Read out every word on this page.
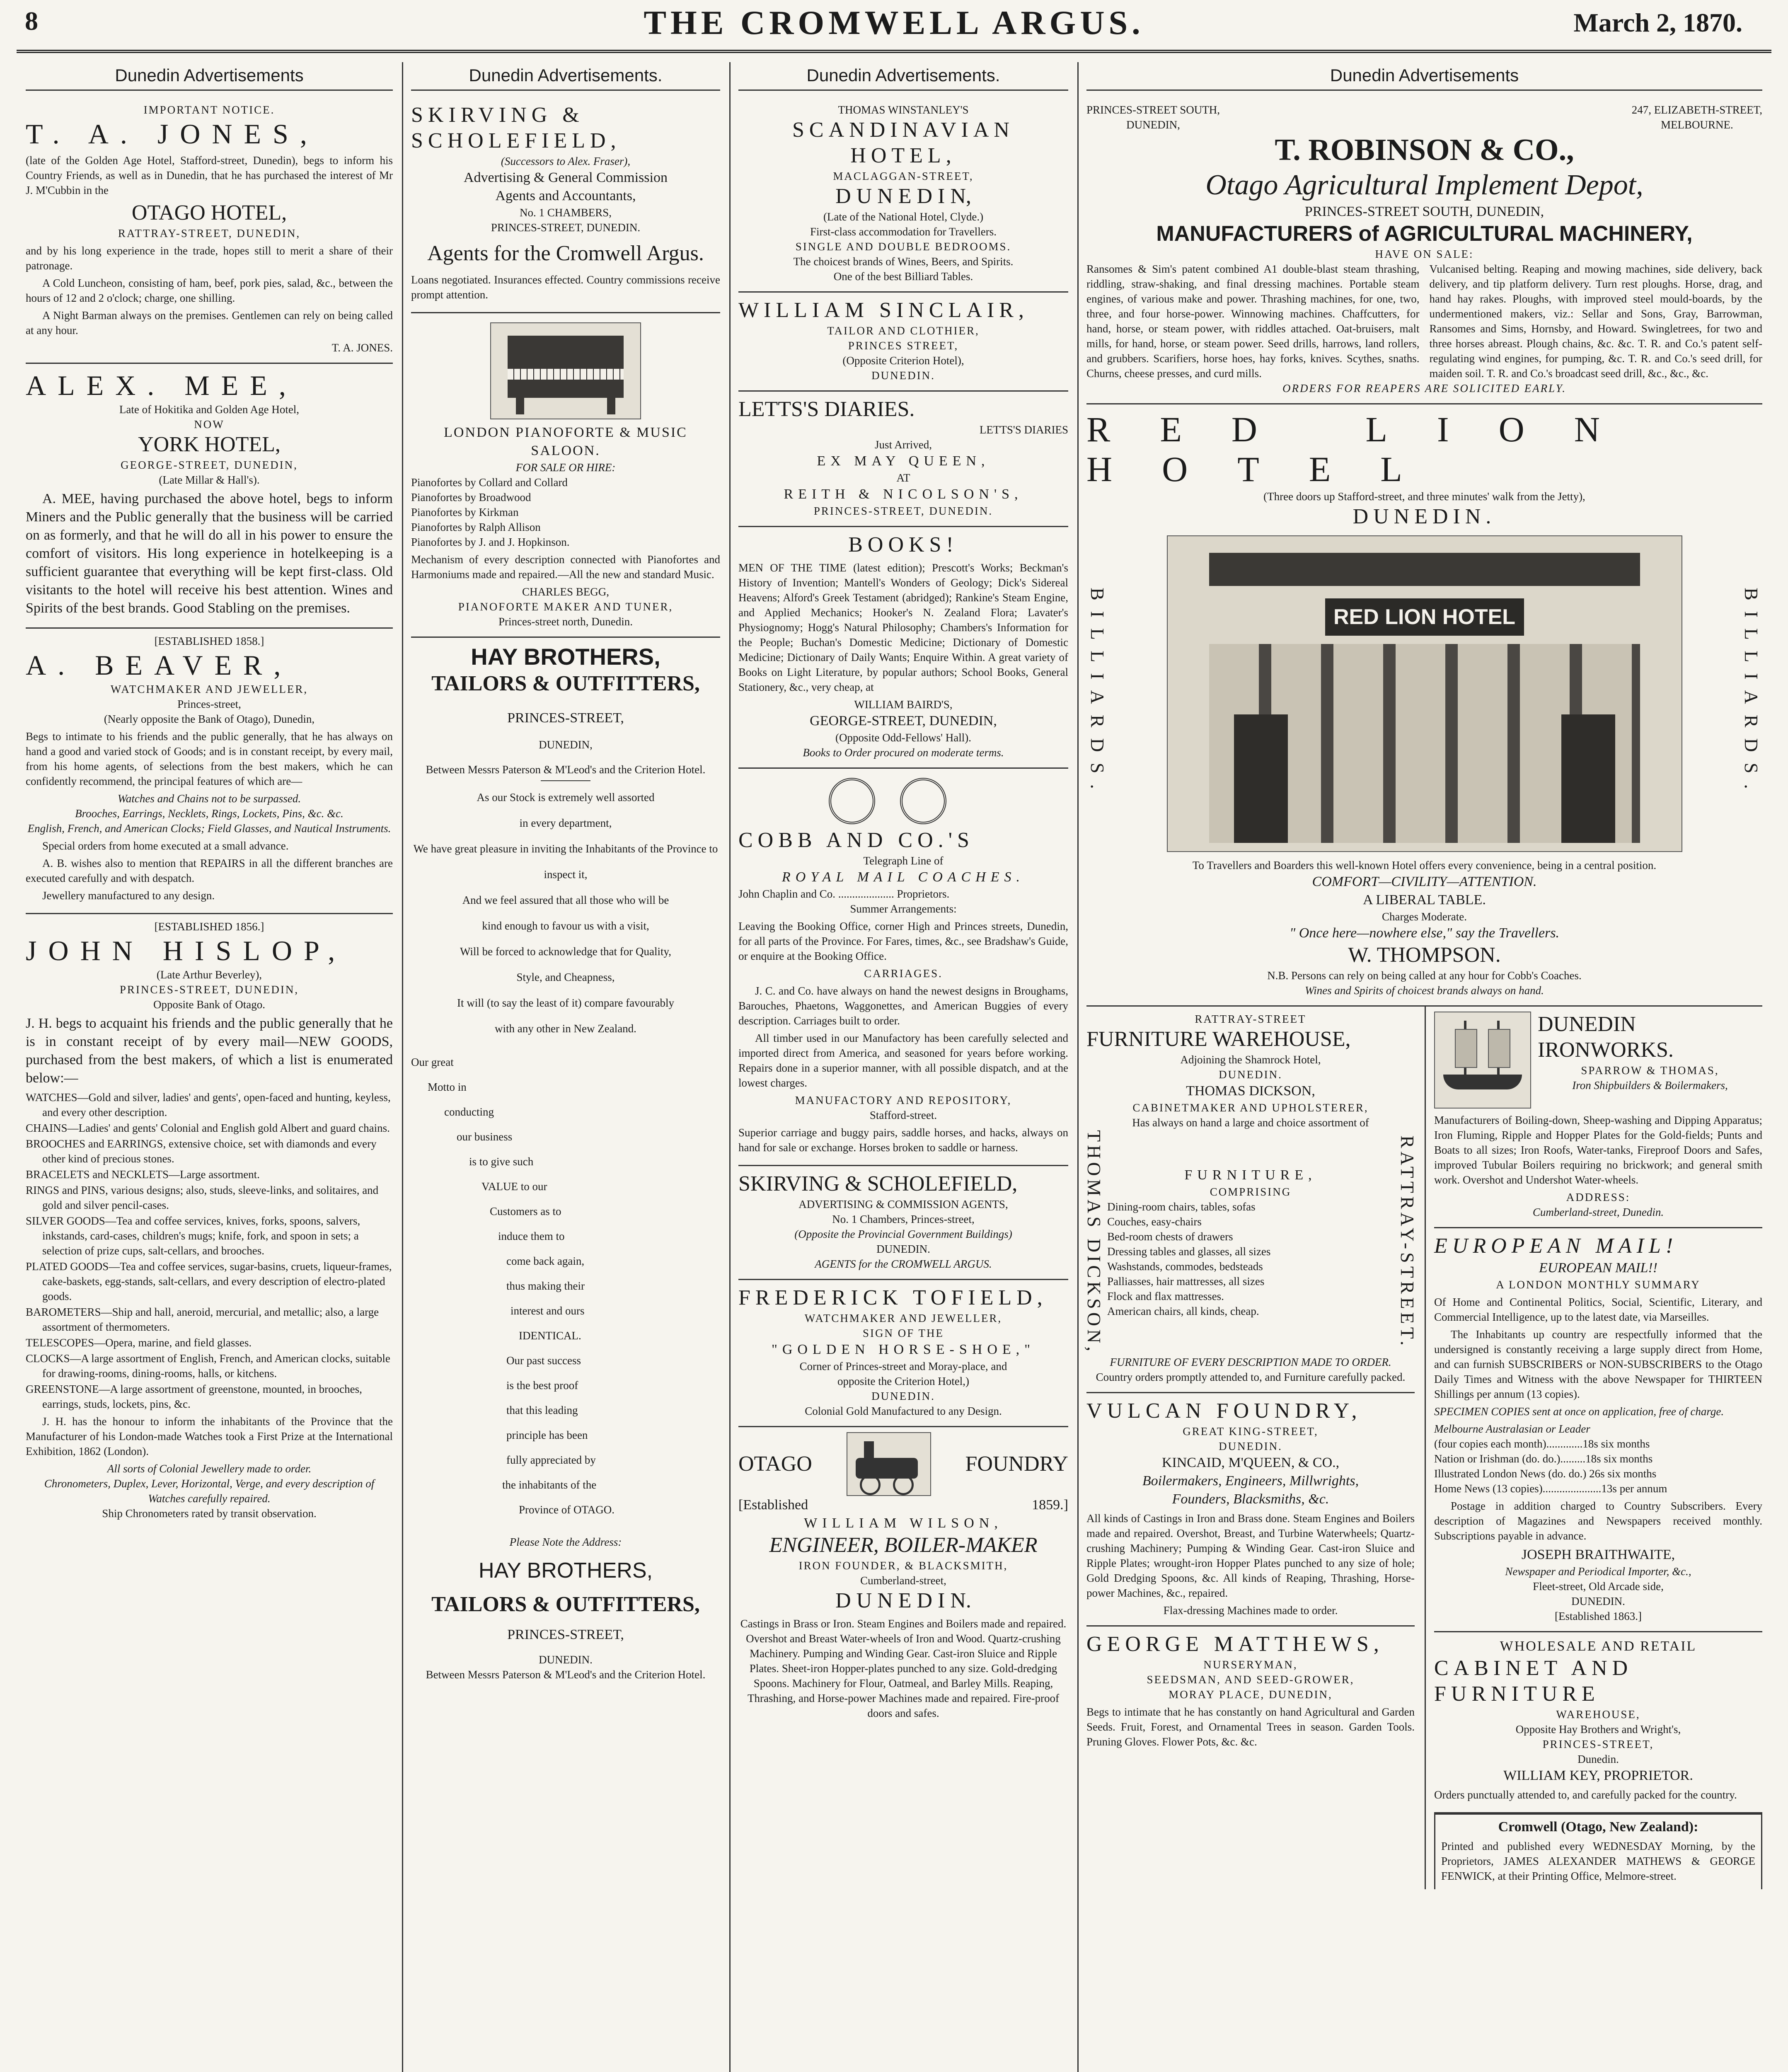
8	THE CROMWELL ARGUS.	March 2, 1870.
Dunedin Advertisements
IMPORTANT NOTICE.
T. A. JONES,

(late of the Golden Age Hotel, Stafford-street, Dunedin), begs to inform his Country Friends, as well as in Dunedin, that he has purchased the interest of Mr J. M'Cubbin in the

OTAGO HOTEL,
RATTRAY-STREET, DUNEDIN,

and by his long experience in the trade, hopes still to merit a share of their patronage.

A Cold Luncheon, consisting of ham, beef, pork pies, salad, &c., between the hours of 12 and 2 o'clock; charge, one shilling.

A Night Barman always on the premises. Gentlemen can rely on being called at any hour.

T. A. JONES.
ALEX. MEE,
Late of Hokitika and Golden Age Hotel,
NOW
YORK HOTEL,
GEORGE-STREET, DUNEDIN,
(Late Millar & Hall's).

A. MEE, having purchased the above hotel, begs to inform Miners and the Public generally that the business will be carried on as formerly, and that he will do all in his power to ensure the comfort of visitors. His long experience in hotelkeeping is a sufficient guarantee that everything will be kept first-class. Old visitants to the hotel will receive his best attention. Wines and Spirits of the best brands. Good Stabling on the premises.

[ESTABLISHED 1858.]
A. BEAVER,
WATCHMAKER AND JEWELLER,
Princes-street,
(Nearly opposite the Bank of Otago), Dunedin,

Begs to intimate to his friends and the public generally, that he has always on hand a good and varied stock of Goods; and is in constant receipt, by every mail, from his home agents, of selections from the best makers, which he can confidently recommend, the principal features of which are—

Watches and Chains not to be surpassed.
Brooches, Earrings, Necklets, Rings, Lockets, Pins, &c. &c.
English, French, and American Clocks; Field Glasses, and Nautical Instruments.

Special orders from home executed at a small advance.

A. B. wishes also to mention that REPAIRS in all the different branches are executed carefully and with despatch.

Jewellery manufactured to any design.

[ESTABLISHED 1856.]
JOHN HISLOP,
(Late Arthur Beverley),
PRINCES-STREET, DUNEDIN,
Opposite Bank of Otago.

J. H. begs to acquaint his friends and the public generally that he is in constant receipt of by every mail—NEW GOODS, purchased from the best makers, of which a list is enumerated below:—

WATCHES—Gold and silver, ladies' and gents', open-faced and hunting, keyless, and every other description.
CHAINS—Ladies' and gents' Colonial and English gold Albert and guard chains.
BROOCHES and EARRINGS, extensive choice, set with diamonds and every other kind of precious stones.
BRACELETS and NECKLETS—Large assortment.
RINGS and PINS, various designs; also, studs, sleeve-links, and solitaires, and gold and silver pencil-cases.
SILVER GOODS—Tea and coffee services, knives, forks, spoons, salvers, inkstands, card-cases, children's mugs; knife, fork, and spoon in sets; a selection of prize cups, salt-cellars, and brooches.
PLATED GOODS—Tea and coffee services, sugar-basins, cruets, liqueur-frames, cake-baskets, egg-stands, salt-cellars, and every description of electro-plated goods.
BAROMETERS—Ship and hall, aneroid, mercurial, and metallic; also, a large assortment of thermometers.
TELESCOPES—Opera, marine, and field glasses.
CLOCKS—A large assortment of English, French, and American clocks, suitable for drawing-rooms, dining-rooms, halls, or kitchens.
GREENSTONE—A large assortment of greenstone, mounted, in brooches, earrings, studs, lockets, pins, &c.

J. H. has the honour to inform the inhabitants of the Province that the Manufacturer of his London-made Watches took a First Prize at the International Exhibition, 1862 (London).

All sorts of Colonial Jewellery made to order.
Chronometers, Duplex, Lever, Horizontal, Verge, and every description of Watches carefully repaired.
Ship Chronometers rated by transit observation.
Dunedin Advertisements.
SKIRVING & SCHOLEFIELD,
(Successors to Alex. Fraser),
Advertising & General Commission
Agents and Accountants,
No. 1 CHAMBERS,
PRINCES-STREET, DUNEDIN.
Agents for the Cromwell Argus.

Loans negotiated. Insurances effected. Country commissions receive prompt attention.

LONDON PIANOFORTE & MUSIC SALOON.
FOR SALE OR HIRE:
Pianofortes by Collard and Collard
Pianofortes by Broadwood
Pianofortes by Kirkman
Pianofortes by Ralph Allison
Pianofortes by J. and J. Hopkinson.

Mechanism of every description connected with Pianofortes and Harmoniums made and repaired.—All the new and standard Music.

CHARLES BEGG,
PIANOFORTE MAKER AND TUNER,
Princes-street north, Dunedin.
HAY BROTHERS,
TAILORS & OUTFITTERS,
PRINCES-STREET,
DUNEDIN,
Between Messrs Paterson & M'Leod's and the Criterion Hotel.
As our Stock is extremely well assorted
in every department,
We have great pleasure in inviting the Inhabitants of the Province to inspect it,
And we feel assured that all those who will be
kind enough to favour us with a visit,
Will be forced to acknowledge that for Quality,
Style, and Cheapness,
It will (to say the least of it) compare favourably
with any other in New Zealand.
Our great
Motto in
conducting
our business
is to give such
VALUE to our
Customers as to
induce them to
come back again,
thus making their
interest and ours
IDENTICAL.
Our past success
is the best proof
that this leading
principle has been
fully appreciated by
the inhabitants of the
Province of OTAGO.
Please Note the Address:
HAY BROTHERS,
TAILORS & OUTFITTERS,
PRINCES-STREET,
DUNEDIN.
Between Messrs Paterson & M'Leod's and the Criterion Hotel.
Dunedin Advertisements.
THOMAS WINSTANLEY'S
SCANDINAVIAN HOTEL,
MACLAGGAN-STREET,
D U N E D I N,
(Late of the National Hotel, Clyde.)
First-class accommodation for Travellers.
SINGLE AND DOUBLE BEDROOMS.
The choicest brands of Wines, Beers, and Spirits.
One of the best Billiard Tables.
WILLIAM SINCLAIR,
TAILOR AND CLOTHIER,
PRINCES STREET,
(Opposite Criterion Hotel),
DUNEDIN.
LETTS'S DIARIES.
LETTS'S DIARIES
Just Arrived,
EX MAY QUEEN,
AT
REITH & NICOLSON'S,
PRINCES-STREET, DUNEDIN.
BOOKS!

MEN OF THE TIME (latest edition); Prescott's Works; Beckman's History of Invention; Mantell's Wonders of Geology; Dick's Sidereal Heavens; Alford's Greek Testament (abridged); Rankine's Steam Engine, and Applied Mechanics; Hooker's N. Zealand Flora; Lavater's Physiognomy; Hogg's Natural Philosophy; Chambers's Information for the People; Buchan's Domestic Medicine; Dictionary of Domestic Medicine; Dictionary of Daily Wants; Enquire Within. A great variety of Books on Light Literature, by popular authors; School Books, General Stationery, &c., very cheap, at

WILLIAM BAIRD'S,
GEORGE-STREET, DUNEDIN,
(Opposite Odd-Fellows' Hall).
Books to Order procured on moderate terms.
COBB AND CO.'S
Telegraph Line of
ROYAL MAIL COACHES.
John Chaplin and Co. .................... Proprietors.
Summer Arrangements:

Leaving the Booking Office, corner High and Princes streets, Dunedin, for all parts of the Province. For Fares, times, &c., see Bradshaw's Guide, or enquire at the Booking Office.

CARRIAGES.

J. C. and Co. have always on hand the newest designs in Broughams, Barouches, Phaetons, Waggonettes, and American Buggies of every description. Carriages built to order.

All timber used in our Manufactory has been carefully selected and imported direct from America, and seasoned for years before working. Repairs done in a superior manner, with all possible dispatch, and at the lowest charges.

MANUFACTORY AND REPOSITORY,
Stafford-street.

Superior carriage and buggy pairs, saddle horses, and hacks, always on hand for sale or exchange. Horses broken to saddle or harness.

SKIRVING & SCHOLEFIELD,
ADVERTISING & COMMISSION AGENTS,
No. 1 Chambers, Princes-street,
(Opposite the Provincial Government Buildings)
DUNEDIN.
AGENTS for the CROMWELL ARGUS.
FREDERICK TOFIELD,
WATCHMAKER AND JEWELLER,
SIGN OF THE
"GOLDEN HORSE-SHOE,"
Corner of Princes-street and Moray-place, and
opposite the Criterion Hotel,)
DUNEDIN.
Colonial Gold Manufactured to any Design.
OTAGO	FOUNDRY
[Established	1859.]
WILLIAM WILSON,
ENGINEER, BOILER-MAKER
IRON FOUNDER, & BLACKSMITH,
Cumberland-street,
D U N E D I N.

Castings in Brass or Iron. Steam Engines and Boilers made and repaired. Overshot and Breast Water-wheels of Iron and Wood. Quartz-crushing Machinery. Pumping and Winding Gear. Cast-iron Sluice and Ripple Plates. Sheet-iron Hopper-plates punched to any size. Gold-dredging Spoons. Machinery for Flour, Oatmeal, and Barley Mills. Reaping, Thrashing, and Horse-power Machines made and repaired. Fire-proof doors and safes.

Dunedin Advertisements
PRINCES-STREET SOUTH,
DUNEDIN,
247, ELIZABETH-STREET,
MELBOURNE.
T. ROBINSON & CO.,
Otago Agricultural Implement Depot,
PRINCES-STREET SOUTH, DUNEDIN,
MANUFACTURERS of AGRICULTURAL MACHINERY,
HAVE ON SALE:
Ransomes & Sim's patent combined A1 double-blast steam thrashing, riddling, straw-shaking, and final dressing machines. Portable steam engines, of various make and power. Thrashing machines, for one, two, three, and four horse-power. Winnowing machines. Chaffcutters, for hand, horse, or steam power, with riddles attached. Oat-bruisers, malt mills, for hand, horse, or steam power. Seed drills, harrows, land rollers, and grubbers. Scarifiers, horse hoes, hay forks, knives. Scythes, snaths. Churns, cheese presses, and curd mills.
Vulcanised belting. Reaping and mowing machines, side delivery, back delivery, and tip platform delivery. Turn rest ploughs. Horse, drag, and hand hay rakes. Ploughs, with improved steel mould-boards, by the undermentioned makers, viz.: Sellar and Sons, Gray, Barrowman, Ransomes and Sims, Hornsby, and Howard. Swingletrees, for two and three horses abreast. Plough chains, &c. &c. T. R. and Co.'s patent self-regulating wind engines, for pumping, &c. T. R. and Co.'s seed drill, for maiden soil. T. R. and Co.'s broadcast seed drill, &c., &c., &c.
ORDERS FOR REAPERS ARE SOLICITED EARLY.
RED LION HOTEL
(Three doors up Stafford-street, and three minutes' walk from the Jetty),
DUNEDIN.
BILLIARDS.	RED LION HOTEL	BILLIARDS.
To Travellers and Boarders this well-known Hotel offers every convenience, being in a central position.
COMFORT—CIVILITY—ATTENTION.
A LIBERAL TABLE.
Charges Moderate.
" Once here—nowhere else," say the Travellers.
W. THOMPSON.
N.B. Persons can rely on being called at any hour for Cobb's Coaches.
Wines and Spirits of choicest brands always on hand.
RATTRAY-STREET
FURNITURE WAREHOUSE,
Adjoining the Shamrock Hotel,
DUNEDIN.
THOMAS DICKSON,
CABINETMAKER AND UPHOLSTERER,
Has always on hand a large and choice assortment of
THOMAS DICKSON,	FURNITURE,
COMPRISING
Dining-room chairs, tables, sofas
Couches, easy-chairs
Bed-room chests of drawers
Dressing tables and glasses, all sizes
Washstands, commodes, bedsteads
Palliasses, hair mattresses, all sizes
Flock and flax mattresses.
American chairs, all kinds, cheap.	RATTRAY-STREET.
FURNITURE OF EVERY DESCRIPTION MADE TO ORDER.
Country orders promptly attended to, and Furniture carefully packed.
VULCAN FOUNDRY,
GREAT KING-STREET,
DUNEDIN.
KINCAID, M'QUEEN, & CO.,
Boilermakers, Engineers, Millwrights,
Founders, Blacksmiths, &c.

All kinds of Castings in Iron and Brass done. Steam Engines and Boilers made and repaired. Overshot, Breast, and Turbine Waterwheels; Quartz-crushing Machinery; Pumping & Winding Gear. Cast-iron Sluice and Ripple Plates; wrought-iron Hopper Plates punched to any size of hole; Gold Dredging Spoons, &c. All kinds of Reaping, Thrashing, Horse-power Machines, &c., repaired.

Flax-dressing Machines made to order.
GEORGE MATTHEWS,
NURSERYMAN,
SEEDSMAN, AND SEED-GROWER,
MORAY PLACE, DUNEDIN,

Begs to intimate that he has constantly on hand Agricultural and Garden Seeds. Fruit, Forest, and Ornamental Trees in season. Garden Tools. Pruning Gloves. Flower Pots, &c. &c.

DUNEDIN IRONWORKS.
SPARROW & THOMAS,
Iron Shipbuilders & Boilermakers,

Manufacturers of Boiling-down, Sheep-washing and Dipping Apparatus; Iron Fluming, Ripple and Hopper Plates for the Gold-fields; Punts and Boats to all sizes; Iron Roofs, Water-tanks, Fireproof Doors and Safes, improved Tubular Boilers requiring no brickwork; and general smith work. Overshot and Undershot Water-wheels.

ADDRESS:
Cumberland-street, Dunedin.
EUROPEAN MAIL!
EUROPEAN MAIL!!
A LONDON MONTHLY SUMMARY

Of Home and Continental Politics, Social, Scientific, Literary, and Commercial Intelligence, up to the latest date, via Marseilles.

The Inhabitants up country are respectfully informed that the undersigned is constantly receiving a large supply direct from Home, and can furnish SUBSCRIBERS or NON-SUBSCRIBERS to the Otago Daily Times and Witness with the above Newspaper for THIRTEEN Shillings per annum (13 copies).

SPECIMEN COPIES sent at once on application, free of charge.

Melbourne Australasian or Leader
(four copies each month).............18s six months
Nation or Irishman (do. do.).........18s six months
Illustrated London News (do. do.) 26s six months
Home News (13 copies).....................13s per annum

Postage in addition charged to Country Subscribers. Every description of Magazines and Newspapers received monthly. Subscriptions payable in advance.

JOSEPH BRAITHWAITE,
Newspaper and Periodical Importer, &c.,
Fleet-street, Old Arcade side,
DUNEDIN.
[Established 1863.]
WHOLESALE AND RETAIL
CABINET AND FURNITURE
WAREHOUSE,
Opposite Hay Brothers and Wright's,
PRINCES-STREET,
Dunedin.
WILLIAM KEY, PROPRIETOR.

Orders punctually attended to, and carefully packed for the country.

Cromwell (Otago, New Zealand):

Printed and published every WEDNESDAY Morning, by the Proprietors, JAMES ALEXANDER MATHEWS & GEORGE FENWICK, at their Printing Office, Melmore-street.
